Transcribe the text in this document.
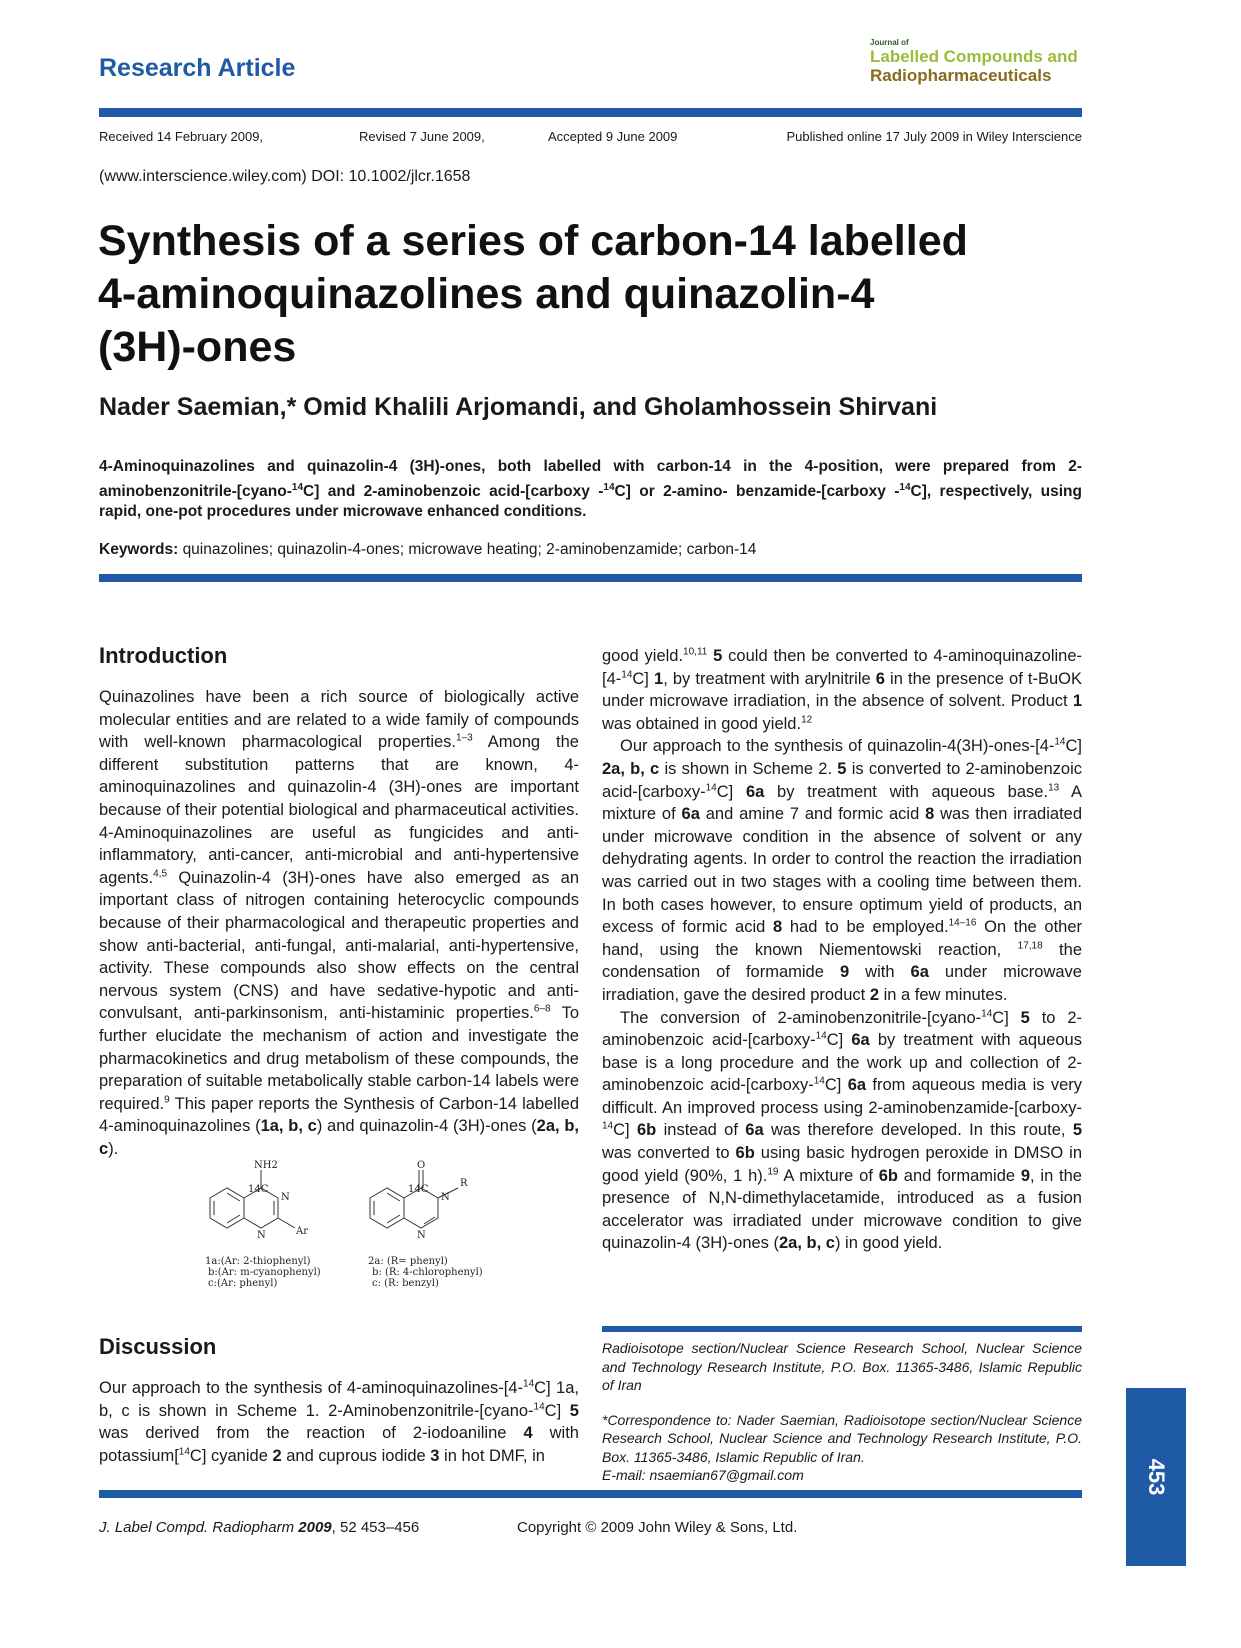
Research Article
Journal of
Labelled Compounds and
Radiopharmaceuticals
Received 14 February 2009,	Revised 7 June 2009,	Accepted 9 June 2009	Published online 17 July 2009 in Wiley Interscience
(www.interscience.wiley.com) DOI: 10.1002/jlcr.1658
Synthesis of a series of carbon-14 labelled
4-aminoquinazolines and quinazolin-4
(3H)-ones
Nader Saemian,* Omid Khalili Arjomandi, and Gholamhossein Shirvani

4-Aminoquinazolines and quinazolin-4 (3H)-ones, both labelled with carbon-14 in the 4-position, were prepared from 2-aminobenzonitrile-[cyano-$^{14}$C] and 2-aminobenzoic acid-[carboxy -$^{14}$C] or 2-amino- benzamide-[carboxy -$^{14}$C], respectively, using rapid, one-pot procedures under microwave enhanced conditions.

Keywords: quinazolines; quinazolin-4-ones; microwave heating; 2-aminobenzamide; carbon-14
Introduction

Quinazolines have been a rich source of biologically active molecular entities and are related to a wide family of compounds with well-known pharmacological properties.$^{1-3}$ Among the different substitution patterns that are known, 4-aminoquinazolines and quinazolin-4 (3H)-ones are important because of their potential biological and pharmaceutical activities. 4-Aminoquinazolines are useful as fungicides and anti-inflammatory, anti-cancer, anti-microbial and anti-hypertensive agents.$^{4,5}$ Quinazolin-4 (3H)-ones have also emerged as an important class of nitrogen containing heterocyclic compounds because of their pharmacological and therapeutic properties and show anti-bacterial, anti-fungal, anti-malarial, anti-hypertensive, activity. These compounds also show effects on the central nervous system (CNS) and have sedative-hypotic and anti-convulsant, anti-parkinsonism, anti-histaminic properties.$^{6-8}$ To further elucidate the mechanism of action and investigate the pharmacokinetics and drug metabolism of these compounds, the preparation of suitable metabolically stable carbon-14 labels were required.$^9$ This paper reports the Synthesis of Carbon-14 labelled 4-aminoquinazolines (1a, b, c) and quinazolin-4 (3H)-ones (2a, b, c).

NH2
14C
N
N	Ar
O
14C
N
R
N
1a:(Ar: 2-thiophenyl)
b:(Ar: m-cyanophenyl)
c:(Ar: phenyl)
2a: (R= phenyl)
b: (R: 4-chlorophenyl)
c: (R: benzyl)
Discussion

Our approach to the synthesis of 4-aminoquinazolines-[4-$^{14}$C] 1a, b, c is shown in Scheme 1. 2-Aminobenzonitrile-[cyano-$^{14}$C] 5 was derived from the reaction of 2-iodoaniline 4 with potassium[$^{14}$C] cyanide 2 and cuprous iodide 3 in hot DMF, in

good yield.$^{10,11}$ 5 could then be converted to 4-aminoquinazoline-[4-$^{14}$C] 1, by treatment with arylnitrile 6 in the presence of t-BuOK under microwave irradiation, in the absence of solvent. Product 1 was obtained in good yield.$^{12}$

Our approach to the synthesis of quinazolin-4(3H)-ones-[4-$^{14}$C] 2a, b, c is shown in Scheme 2. 5 is converted to 2-aminobenzoic acid-[carboxy-$^{14}$C] 6a by treatment with aqueous base.$^{13}$ A mixture of 6a and amine 7 and formic acid 8 was then irradiated under microwave condition in the absence of solvent or any dehydrating agents. In order to control the reaction the irradiation was carried out in two stages with a cooling time between them. In both cases however, to ensure optimum yield of products, an excess of formic acid 8 had to be employed.$^{14-16}$ On the other hand, using the known Niementowski reaction, $^{17,18}$ the condensation of formamide 9 with 6a under microwave irradiation, gave the desired product 2 in a few minutes.

The conversion of 2-aminobenzonitrile-[cyano-$^{14}$C] 5 to 2-aminobenzoic acid-[carboxy-$^{14}$C] 6a by treatment with aqueous base is a long procedure and the work up and collection of 2-aminobenzoic acid-[carboxy-$^{14}$C] 6a from aqueous media is very difficult. An improved process using 2-aminobenzamide-[carboxy-$^{14}$C] 6b instead of 6a was therefore developed. In this route, 5 was converted to 6b using basic hydrogen peroxide in DMSO in good yield (90%, 1 h).$^{19}$ A mixture of 6b and formamide 9, in the presence of N,N-dimethylacetamide, introduced as a fusion accelerator was irradiated under microwave condition to give quinazolin-4 (3H)-ones (2a, b, c) in good yield.

Radioisotope section/Nuclear Science Research School, Nuclear Science and Technology Research Institute, P.O. Box. 11365-3486, Islamic Republic of Iran

*Correspondence to: Nader Saemian, Radioisotope section/Nuclear Science Research School, Nuclear Science and Technology Research Institute, P.O. Box. 11365-3486, Islamic Republic of Iran.

E-mail: nsaemian67@gmail.com	453
J. Label Compd. Radiopharm 2009, 52 453–456	Copyright © 2009 John Wiley & Sons, Ltd.
